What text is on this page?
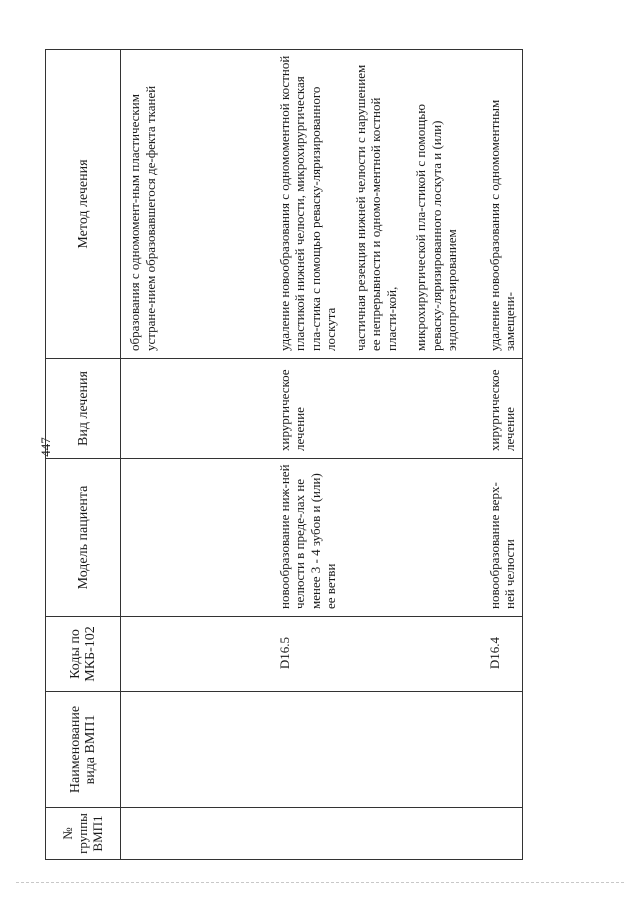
447
№ группы ВМП1	Наименование вида ВМП1	Коды по МКБ-102	Модель пациента	Вид лечения	Метод лечения

					образования с одномомент-ным пластическим устране-нием образовавшегося де-фекта тканей

		D16.5	новообразование ниж-ней челюсти в преде-лах не менее 3 - 4 зубов и (или) ее ветви	хирургическое лечение	удаление новообразования с одномоментной костной пластикой нижней челюсти, микрохирургическая пла-стика с помощью реваску-ляризированного лоскута частичная резекция нижней челюсти с нарушением ее непрерывности и одномо-ментной костной пласти-кой, микрохирургической пла-стикой с помощью реваску-ляризированного лоскута и (или) эндопротезированием

		D16.4	новообразование верх-ней челюсти	хирургическое лечение	удаление новообразования с одномоментным замещени-
